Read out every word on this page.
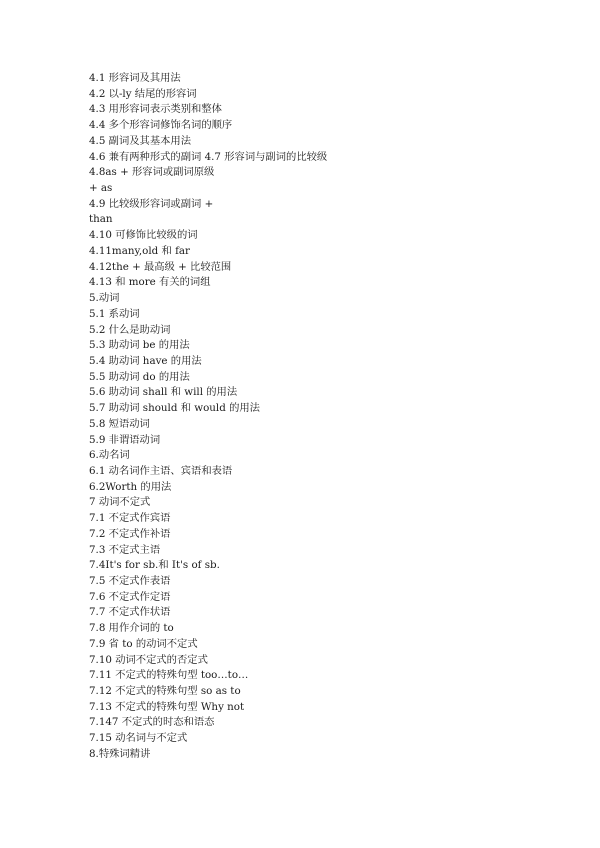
4.1 形容词及其用法
4.2 以-ly 结尾的形容词
4.3 用形容词表示类别和整体
4.4 多个形容词修饰名词的顺序
4.5 副词及其基本用法
4.6 兼有两种形式的副词 4.7 形容词与副词的比较级
4.8as + 形容词或副词原级
+ as
4.9 比较级形容词或副词 +
than
4.10 可修饰比较级的词
4.11many,old 和 far
4.12the + 最高级 + 比较范围
4.13 和 more 有关的词组
5.动词
5.1 系动词
5.2 什么是助动词
5.3 助动词 be 的用法
5.4 助动词 have 的用法
5.5 助动词 do 的用法
5.6 助动词 shall 和 will 的用法
5.7 助动词 should 和 would 的用法
5.8 短语动词
5.9 非谓语动词
6.动名词
6.1 动名词作主语、宾语和表语
6.2Worth 的用法
7 动词不定式
7.1 不定式作宾语
7.2 不定式作补语
7.3 不定式主语
7.4It's for sb.和 It's of sb.
7.5 不定式作表语
7.6 不定式作定语
7.7 不定式作状语
7.8 用作介词的 to
7.9 省 to 的动词不定式
7.10 动词不定式的否定式
7.11 不定式的特殊句型 too…to…
7.12 不定式的特殊句型 so as to
7.13 不定式的特殊句型 Why not
7.147 不定式的时态和语态
7.15 动名词与不定式
8.特殊词精讲
